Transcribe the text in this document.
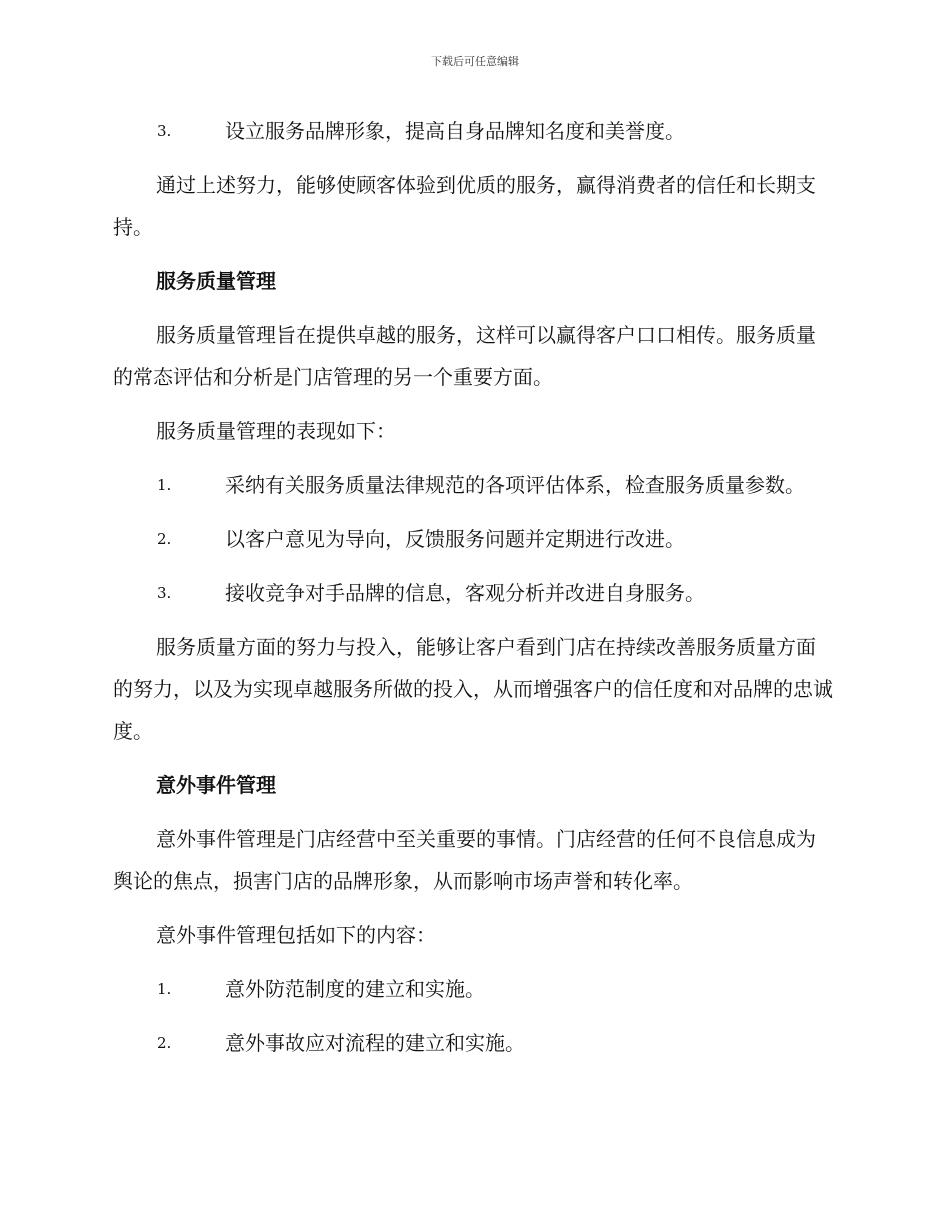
下载后可任意编辑
3.	设立服务品牌形象，提高自身品牌知名度和美誉度。
通过上述努力，能够使顾客体验到优质的服务，赢得消费者的信任和长期支持。
服务质量管理
服务质量管理旨在提供卓越的服务，这样可以赢得客户口口相传。服务质量的常态评估和分析是门店管理的另一个重要方面。
服务质量管理的表现如下：
1.	采纳有关服务质量法律规范的各项评估体系，检查服务质量参数。
2.	以客户意见为导向，反馈服务问题并定期进行改进。
3.	接收竞争对手品牌的信息，客观分析并改进自身服务。
服务质量方面的努力与投入，能够让客户看到门店在持续改善服务质量方面的努力，以及为实现卓越服务所做的投入，从而增强客户的信任度和对品牌的忠诚度。
意外事件管理
意外事件管理是门店经营中至关重要的事情。门店经营的任何不良信息成为舆论的焦点，损害门店的品牌形象，从而影响市场声誉和转化率。
意外事件管理包括如下的内容：
1.	意外防范制度的建立和实施。
2.	意外事故应对流程的建立和实施。
